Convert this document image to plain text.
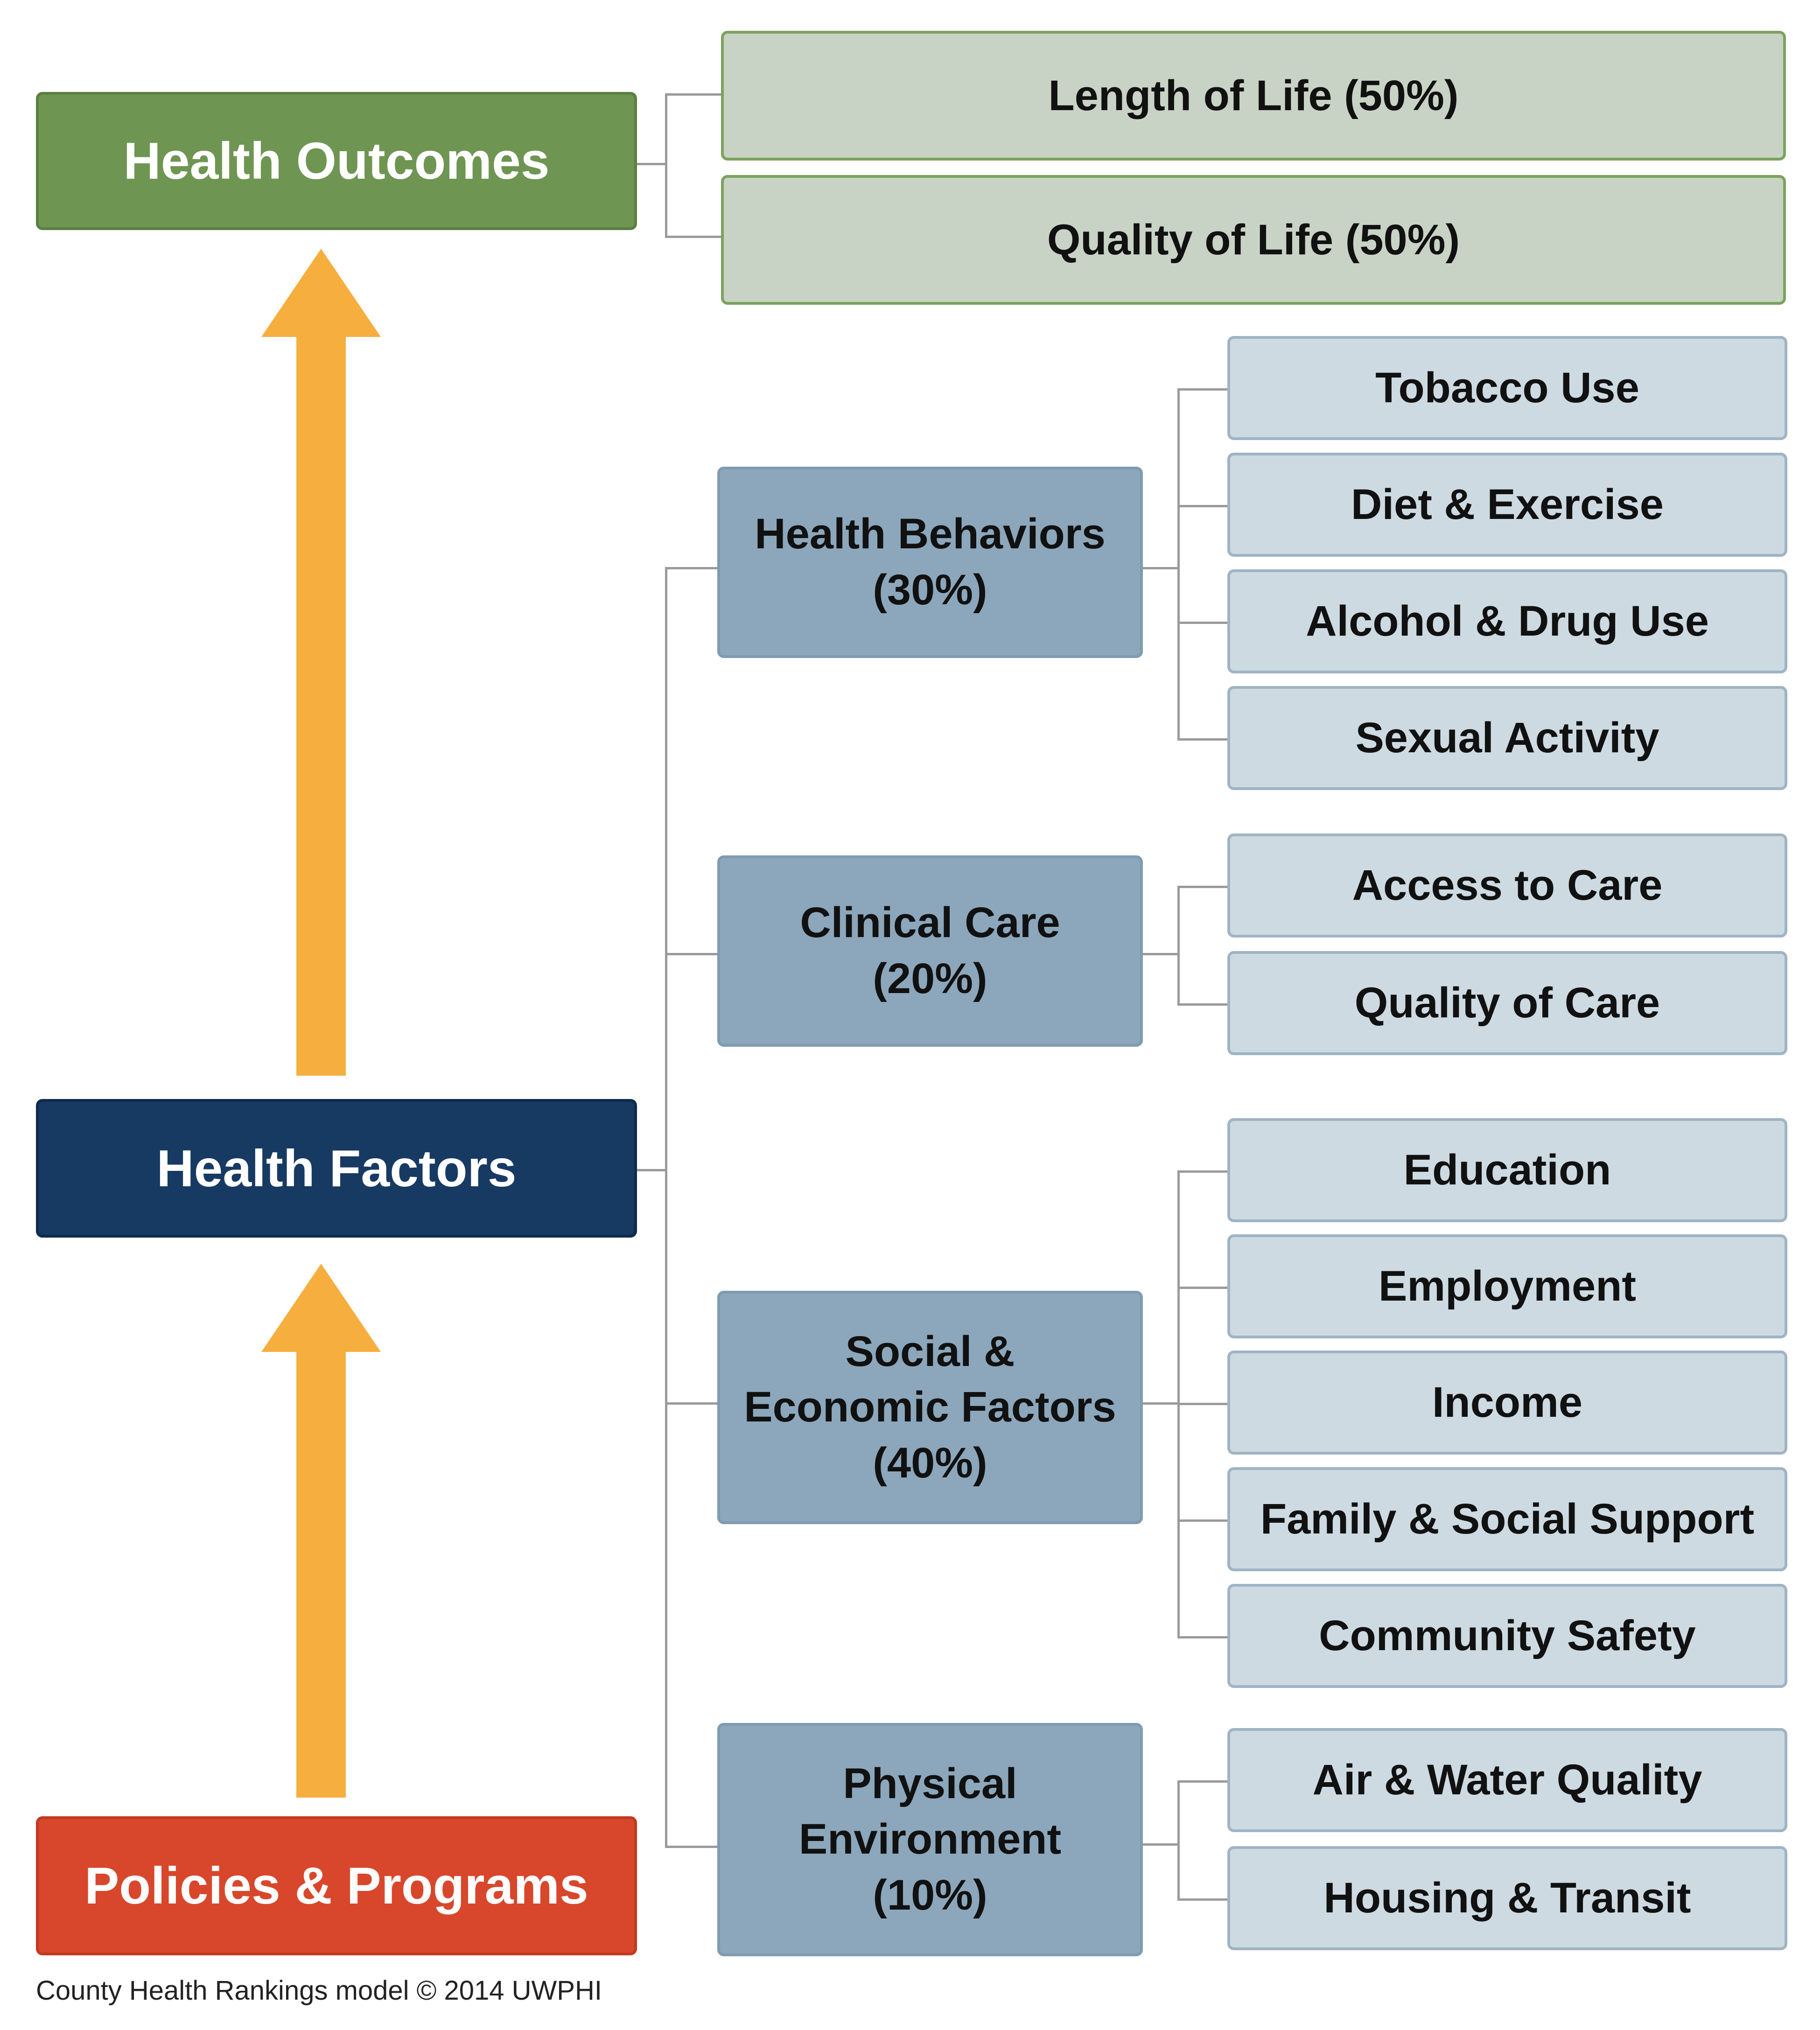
Health Outcomes
Health Factors
Policies & Programs
Length of Life (50%)
Quality of Life (50%)
Health Behaviors
(30%)
Clinical Care
(20%)
Social &
Economic Factors
(40%)
Physical
Environment
(10%)
Tobacco Use
Diet & Exercise
Alcohol & Drug Use
Sexual Activity
Access to Care
Quality of Care
Education
Employment
Income
Family & Social Support
Community Safety
Air & Water Quality
Housing & Transit
County Health Rankings model © 2014 UWPHI
